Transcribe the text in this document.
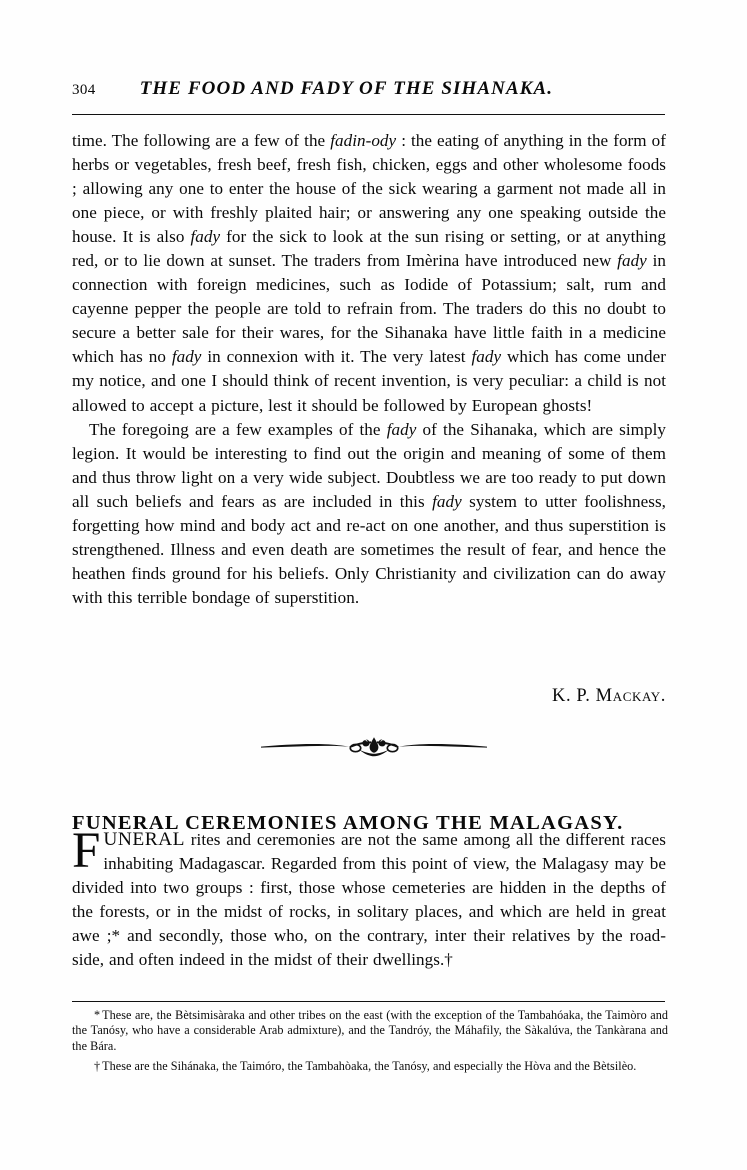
304 THE FOOD AND FADY OF THE SIHANAKA.

time. The following are a few of the fadin-ody : the eating of anything in the form of herbs or vegetables, fresh beef, fresh fish, chicken, eggs and other wholesome foods ; allowing any one to enter the house of the sick wearing a garment not made all in one piece, or with freshly plaited hair; or answering any one speaking outside the house. It is also fady for the sick to look at the sun rising or setting, or at anything red, or to lie down at sunset. The traders from Imèrina have introduced new fady in connection with foreign medicines, such as Iodide of Potassium; salt, rum and cayenne pepper the people are told to refrain from. The traders do this no doubt to secure a better sale for their wares, for the Sihanaka have little faith in a medicine which has no fady in connexion with it. The very latest fady which has come under my notice, and one I should think of recent invention, is very peculiar: a child is not allowed to accept a picture, lest it should be followed by European ghosts!

The foregoing are a few examples of the fady of the Sihanaka, which are simply legion. It would be interesting to find out the origin and meaning of some of them and thus throw light on a very wide subject. Doubtless we are too ready to put down all such beliefs and fears as are included in this fady system to utter foolishness, forgetting how mind and body act and re-act on one another, and thus superstition is strengthened. Illness and even death are sometimes the result of fear, and hence the heathen finds ground for his beliefs. Only Christianity and civilization can do away with this terrible bondage of superstition.

K. P. Mackay.
FUNERAL CEREMONIES AMONG THE MALAGASY.
F UNERAL rites and ceremonies are not the same among all the different races inhabiting Madagascar. Regarded from this point of view, the Malagasy may be divided into two groups : first, those whose cemeteries are hidden in the depths of the forests, or in the midst of rocks, in solitary places, and which are held in great awe ;* and secondly, those who, on the contrary, inter their relatives by the road-side, and often indeed in the midst of their dwellings.†

*These are, the Bètsimisàraka and other tribes on the east (with the exception of the Tambahóaka, the Taimòro and the Tanósy, who have a considerable Arab admixture), and the Tandróy, the Máhafily, the Sàkalúva, the Tankàrana and the Bára.

†These are the Sihánaka, the Taimóro, the Tambahòaka, the Tanósy, and especially the Hòva and the Bètsilèo.
